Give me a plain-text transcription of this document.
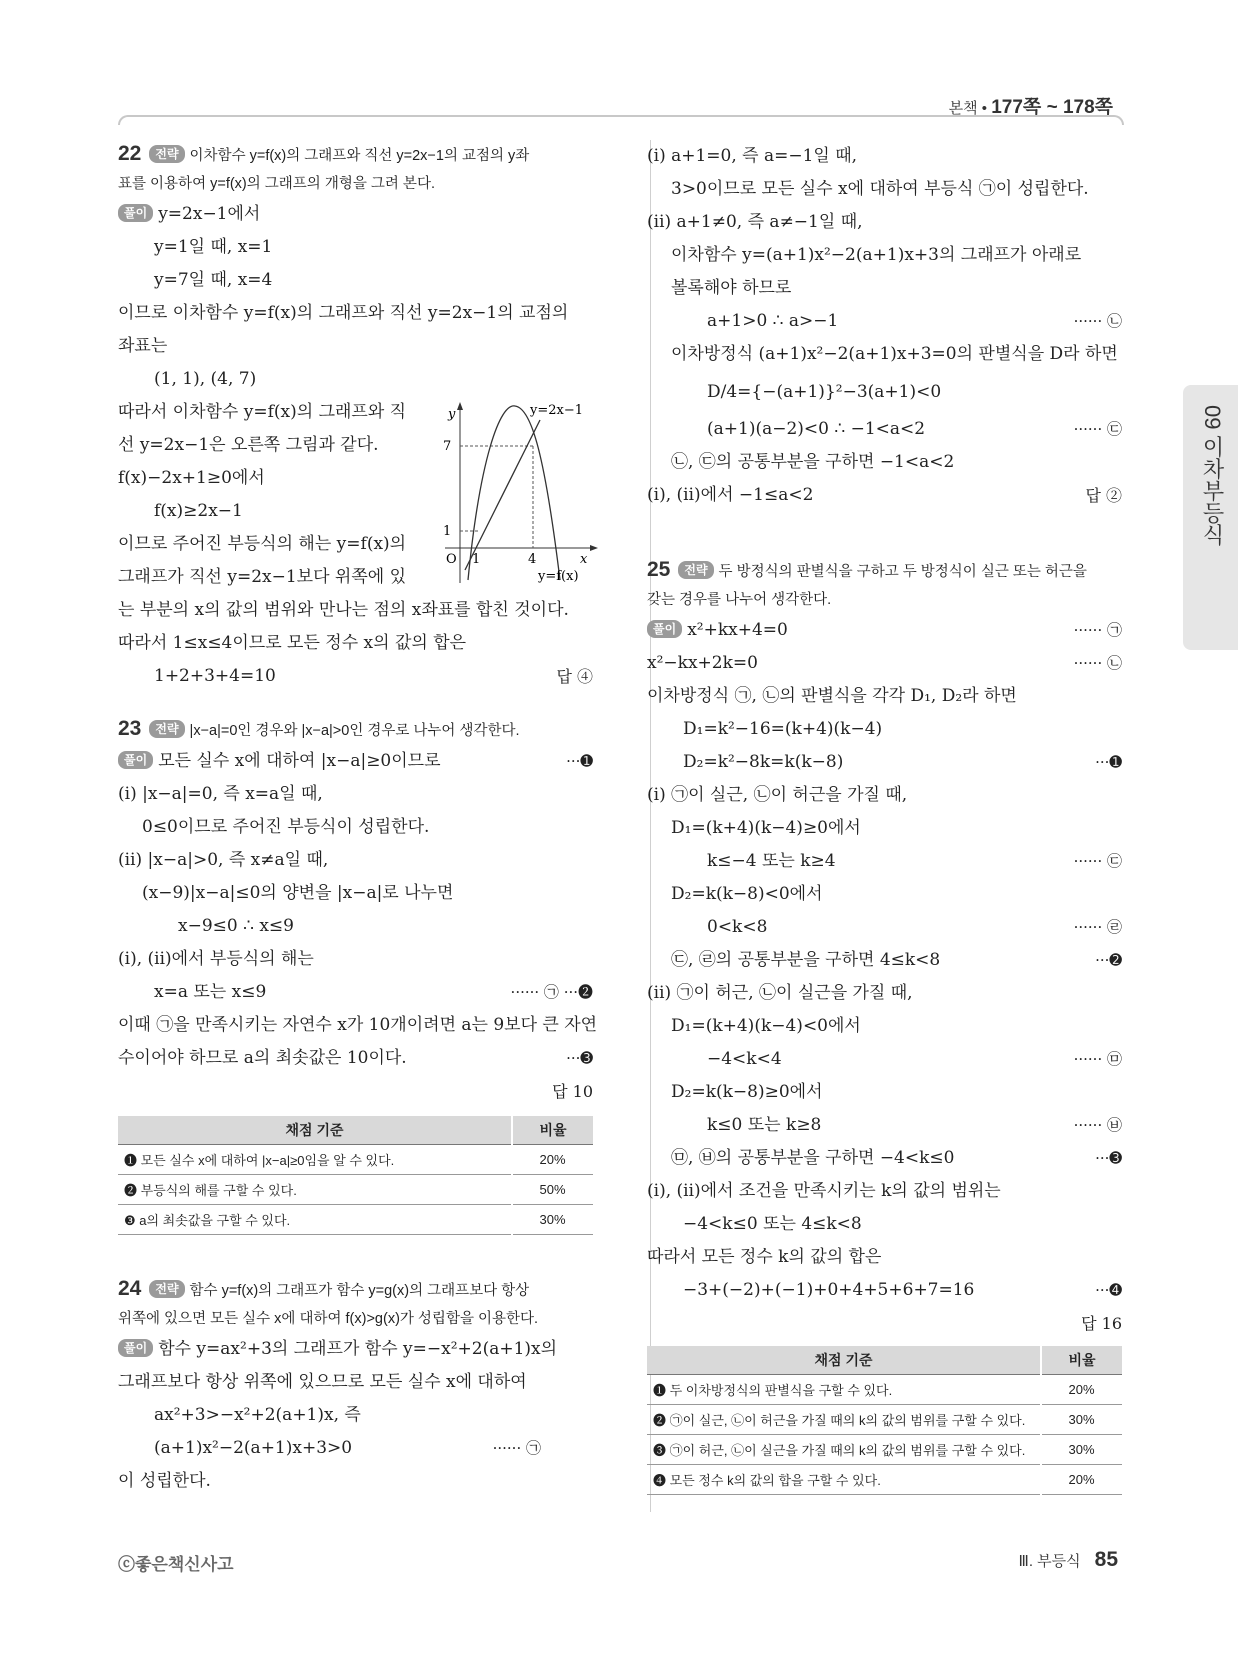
본책 • 177쪽 ~ 178쪽
09 이차부등식
22 전략 이차함수 y=f(x)의 그래프와 직선 y=2x−1의 교점의 y좌
표를 이용하여 y=f(x)의 그래프의 개형을 그려 본다.
풀이 y=2x−1에서
y=1일 때, x=1
y=7일 때, x=4
이므로 이차함수 y=f(x)의 그래프와 직선 y=2x−1의 교점의
좌표는
(1, 1), (4, 7)
따라서 이차함수 y=f(x)의 그래프와 직
선 y=2x−1은 오른쪽 그림과 같다.
f(x)−2x+1≥0에서
f(x)≥2x−1
이므로 주어진 부등식의 해는 y=f(x)의
그래프가 직선 y=2x−1보다 위쪽에 있
는 부분의 x의 값의 범위와 만나는 점의 x좌표를 합친 것이다.
따라서 1≤x≤4이므로 모든 정수 x의 값의 합은
1+2+3+4=10	답 ④
23 전략 |x−a|=0인 경우와 |x−a|>0인 경우로 나누어 생각한다.
풀이 모든 실수 x에 대하여 |x−a|≥0이므로	···➊
(ⅰ) |x−a|=0, 즉 x=a일 때,
0≤0이므로 주어진 부등식이 성립한다.
(ⅱ) |x−a|>0, 즉 x≠a일 때,
(x−9)|x−a|≤0의 양변을 |x−a|로 나누면
x−9≤0 ∴ x≤9
(ⅰ), (ⅱ)에서 부등식의 해는
x=a 또는 x≤9	······ ㉠ ···➋
이때 ㉠을 만족시키는 자연수 x가 10개이려면 a는 9보다 큰 자연
수이어야 하므로 a의 최솟값은 10이다.	···➌
답 10
채점 기준	비율
❶ 모든 실수 x에 대하여 |x−a|≥0임을 알 수 있다.	20%
❷ 부등식의 해를 구할 수 있다.	50%
❸ a의 최솟값을 구할 수 있다.	30%
24 전략 함수 y=f(x)의 그래프가 함수 y=g(x)의 그래프보다 항상
위쪽에 있으면 모든 실수 x에 대하여 f(x)>g(x)가 성립함을 이용한다.
풀이 함수 y=ax²+3의 그래프가 함수 y=−x²+2(a+1)x의
그래프보다 항상 위쪽에 있으므로 모든 실수 x에 대하여
ax²+3>−x²+2(a+1)x, 즉
(a+1)x²−2(a+1)x+3>0	······ ㉠
이 성립한다.
y
7
1
O 1	4	x
y=2x−1
y=f(x)
(ⅰ) a+1=0, 즉 a=−1일 때,
3>0이므로 모든 실수 x에 대하여 부등식 ㉠이 성립한다.
(ⅱ) a+1≠0, 즉 a≠−1일 때,
이차함수 y=(a+1)x²−2(a+1)x+3의 그래프가 아래로
볼록해야 하므로
a+1>0 ∴ a>−1	······ ㉡
이차방정식 (a+1)x²−2(a+1)x+3=0의 판별식을 D라 하면
D/4={−(a+1)}²−3(a+1)<0
(a+1)(a−2)<0 ∴ −1<a<2	······ ㉢
㉡, ㉢의 공통부분을 구하면 −1<a<2
(ⅰ), (ⅱ)에서 −1≤a<2	답 ②
25 전략 두 방정식의 판별식을 구하고 두 방정식이 실근 또는 허근을
갖는 경우를 나누어 생각한다.
풀이 x²+kx+4=0	······ ㉠
x²−kx+2k=0	······ ㉡
이차방정식 ㉠, ㉡의 판별식을 각각 D₁, D₂라 하면
D₁=k²−16=(k+4)(k−4)
D₂=k²−8k=k(k−8)	···➊
(ⅰ) ㉠이 실근, ㉡이 허근을 가질 때,
D₁=(k+4)(k−4)≥0에서
k≤−4 또는 k≥4	······ ㉢
D₂=k(k−8)<0에서
0<k<8	······ ㉣
㉢, ㉣의 공통부분을 구하면 4≤k<8	···➋
(ⅱ) ㉠이 허근, ㉡이 실근을 가질 때,
D₁=(k+4)(k−4)<0에서
−4<k<4	······ ㉤
D₂=k(k−8)≥0에서
k≤0 또는 k≥8	······ ㉥
㉤, ㉥의 공통부분을 구하면 −4<k≤0	···➌
(ⅰ), (ⅱ)에서 조건을 만족시키는 k의 값의 범위는
−4<k≤0 또는 4≤k<8
따라서 모든 정수 k의 값의 합은
−3+(−2)+(−1)+0+4+5+6+7=16	···➍
답 16
채점 기준	비율
❶ 두 이차방정식의 판별식을 구할 수 있다.	20%
❷ ㉠이 실근, ㉡이 허근을 가질 때의 k의 값의 범위를 구할 수 있다.	30%
❸ ㉠이 허근, ㉡이 실근을 가질 때의 k의 값의 범위를 구할 수 있다.	30%
❹ 모든 정수 k의 값의 합을 구할 수 있다.	20%
ⓒ좋은책신사고	Ⅲ. 부등식 85
